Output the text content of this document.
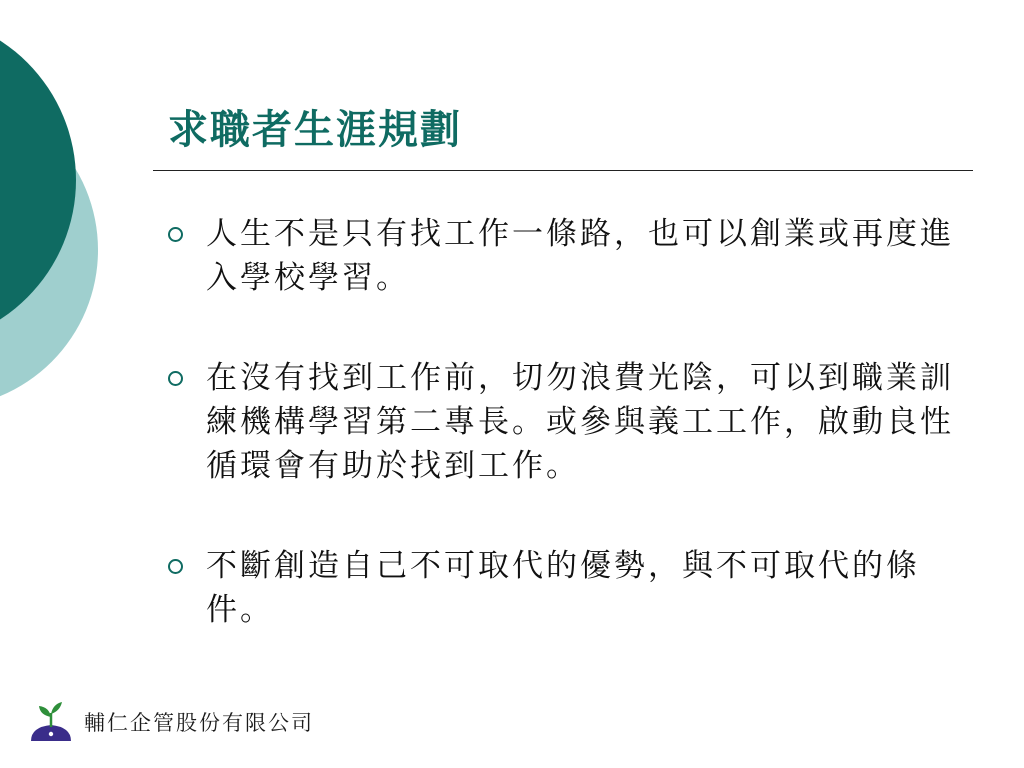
求職者生涯規劃
人生不是只有找工作一條路，也可以創業或再度進入學校學習。
在沒有找到工作前，切勿浪費光陰，可以到職業訓練機構學習第二專長。或參與義工工作，啟動良性循環會有助於找到工作。
不斷創造自己不可取代的優勢，與不可取代的條件。
輔仁企管股份有限公司
